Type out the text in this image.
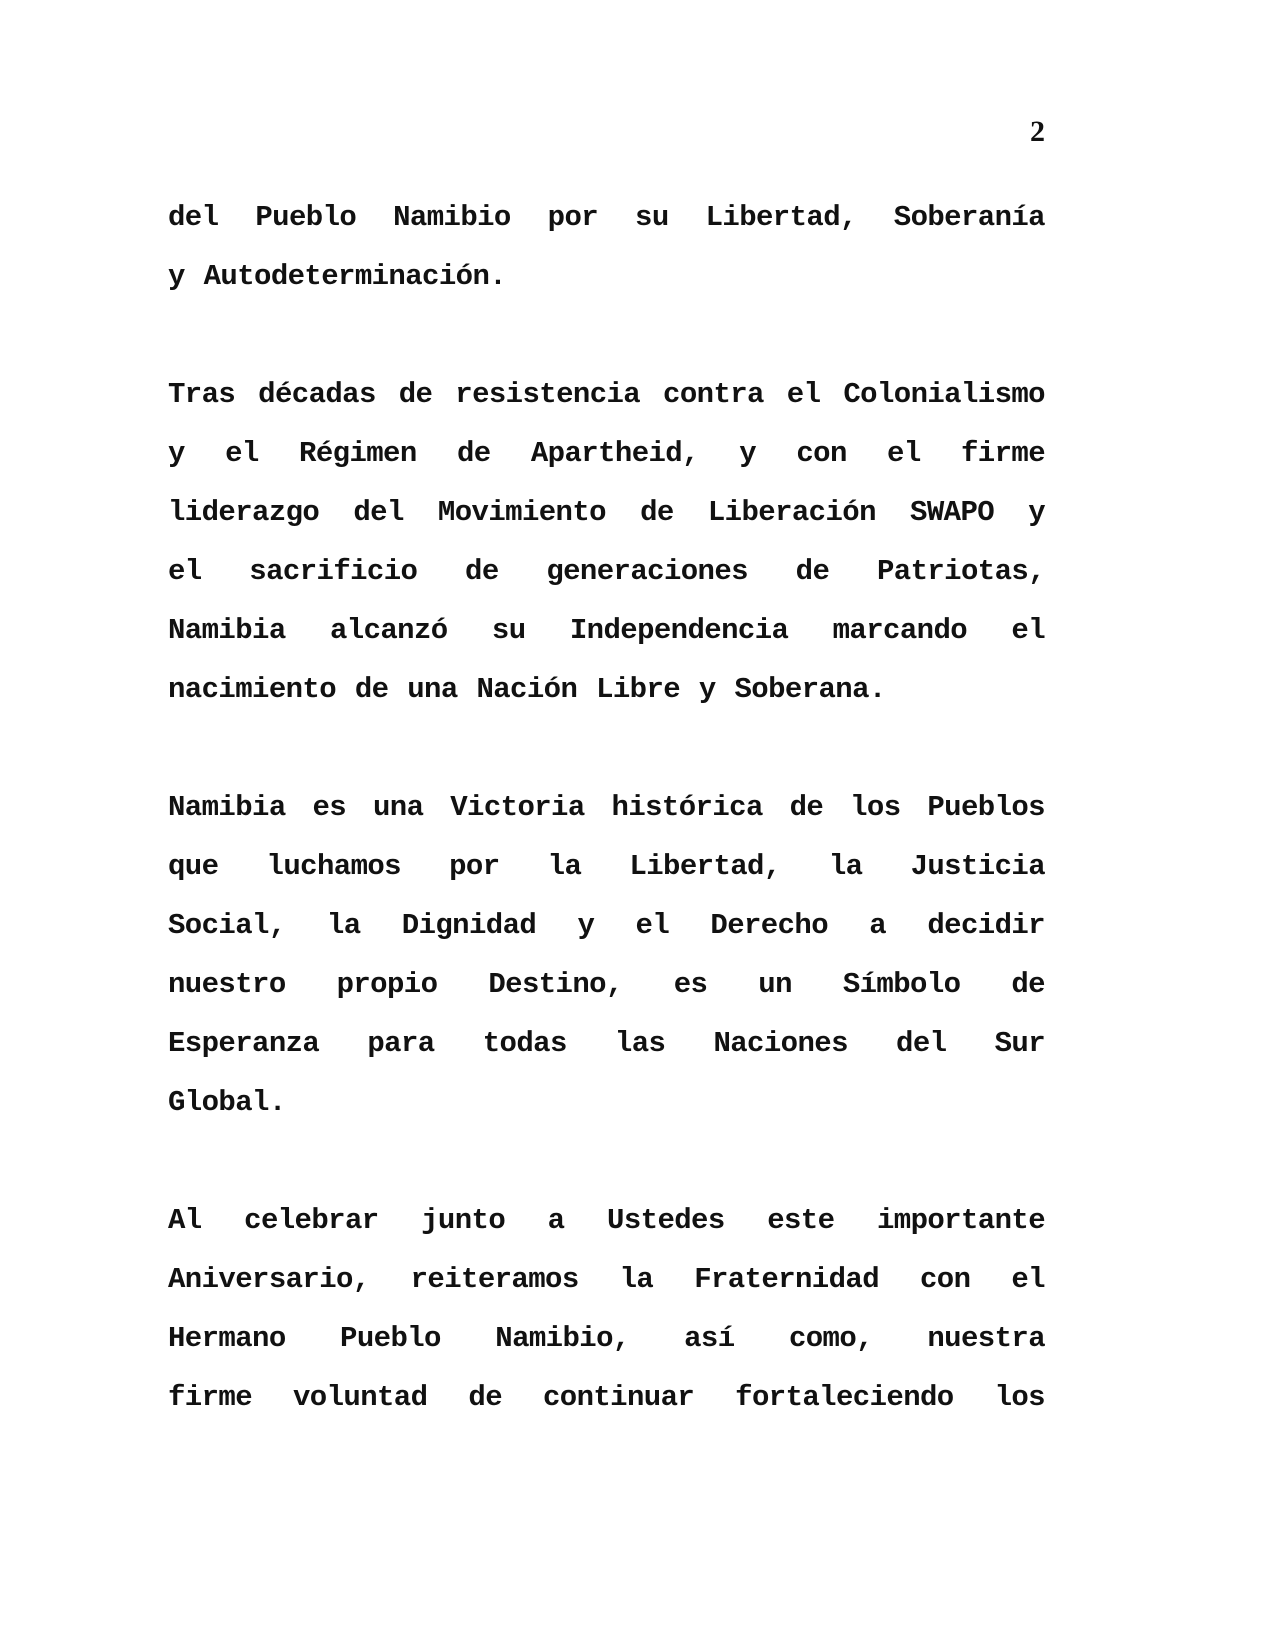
2
del Pueblo Namibio por su Libertad, Soberanía
y Autodeterminación.
Tras décadas de resistencia contra el Colonialismo
y el Régimen de Apartheid, y con el firme
liderazgo del Movimiento de Liberación SWAPO y
el sacrificio de generaciones de Patriotas,
Namibia alcanzó su Independencia marcando el
nacimiento de una Nación Libre y Soberana.
Namibia es una Victoria histórica de los Pueblos
que luchamos por la Libertad, la Justicia
Social, la Dignidad y el Derecho a decidir
nuestro propio Destino, es un Símbolo de
Esperanza para todas las Naciones del Sur
Global.
Al celebrar junto a Ustedes este importante
Aniversario, reiteramos la Fraternidad con el
Hermano Pueblo Namibio, así como, nuestra
firme voluntad de continuar fortaleciendo los
